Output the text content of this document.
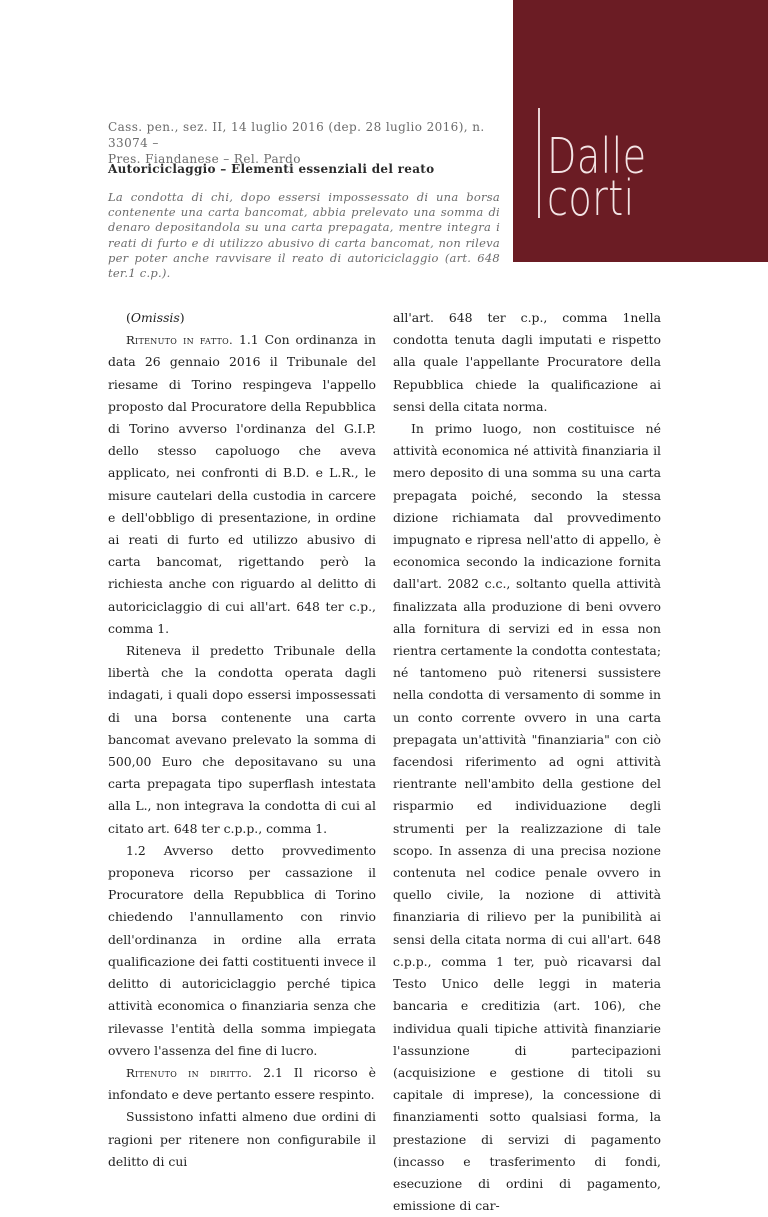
Dalle
corti
Cass. pen., sez. II, 14 luglio 2016 (dep. 28 luglio 2016), n. 33074 –
Pres. Fiandanese – Rel. Pardo
Autoriciclaggio – Elementi essenziali del reato
La condotta di chi, dopo essersi impossessato di una borsa contenente una carta bancomat, abbia prelevato una somma di denaro depositandola su una carta prepagata, mentre integra i reati di furto e di utilizzo abusivo di carta bancomat, non rileva per poter anche ravvisare il reato di autoriciclaggio (art. 648 ter.1 c.p.).

(Omissis)

Ritenuto in fatto. 1.1 Con ordinanza in data 26 gennaio 2016 il Tribunale del riesame di Torino respingeva l'appello proposto dal Procuratore della Repubblica di Torino avverso l'ordinanza del G.I.P. dello stesso capoluogo che aveva applicato, nei confronti di B.D. e L.R., le misure cautelari della custodia in carcere e dell'obbligo di presentazione, in ordine ai reati di furto ed utilizzo abusivo di carta bancomat, rigettando però la richiesta anche con riguardo al delitto di autoriciclaggio di cui all'art. 648 ter c.p., comma 1.

Riteneva il predetto Tribunale della libertà che la condotta operata dagli indagati, i quali dopo essersi impossessati di una borsa contenente una carta bancomat avevano prelevato la somma di 500,00 Euro che depositavano su una carta prepagata tipo superflash intestata alla L., non integrava la condotta di cui al citato art. 648 ter c.p.p., comma 1.

1.2 Avverso detto provvedimento proponeva ricorso per cassazione il Procuratore della Repubblica di Torino chiedendo l'annullamento con rinvio dell'ordinanza in ordine alla errata qualificazione dei fatti costituenti invece il delitto di autoriciclaggio perché tipica attività economica o finanziaria senza che rilevasse l'entità della somma impiegata ovvero l'assenza del fine di lucro.

Ritenuto in diritto. 2.1 Il ricorso è infondato e deve pertanto essere respinto.

Sussistono infatti almeno due ordini di ragioni per ritenere non configurabile il delitto di cui

all'art. 648 ter c.p., comma 1nella condotta tenuta dagli imputati e rispetto alla quale l'appellante Procuratore della Repubblica chiede la qualificazione ai sensi della citata norma.

In primo luogo, non costituisce né attività economica né attività finanziaria il mero deposito di una somma su una carta prepagata poiché, secondo la stessa dizione richiamata dal provvedimento impugnato e ripresa nell'atto di appello, è economica secondo la indicazione fornita dall'art. 2082 c.c., soltanto quella attività finalizzata alla produzione di beni ovvero alla fornitura di servizi ed in essa non rientra certamente la condotta contestata; né tantomeno può ritenersi sussistere nella condotta di versamento di somme in un conto corrente ovvero in una carta prepagata un'attività "finanziaria" con ciò facendosi riferimento ad ogni attività rientrante nell'ambito della gestione del risparmio ed individuazione degli strumenti per la realizzazione di tale scopo. In assenza di una precisa nozione contenuta nel codice penale ovvero in quello civile, la nozione di attività finanziaria di rilievo per la punibilità ai sensi della citata norma di cui all'art. 648 c.p.p., comma 1 ter, può ricavarsi dal Testo Unico delle leggi in materia bancaria e creditizia (art. 106), che individua quali tipiche attività finanziarie l'assunzione di partecipazioni (acquisizione e gestione di titoli su capitale di imprese), la concessione di finanziamenti sotto qualsiasi forma, la prestazione di servizi di pagamento (incasso e trasferimento di fondi, esecuzione di ordini di pagamento, emissione di car-
